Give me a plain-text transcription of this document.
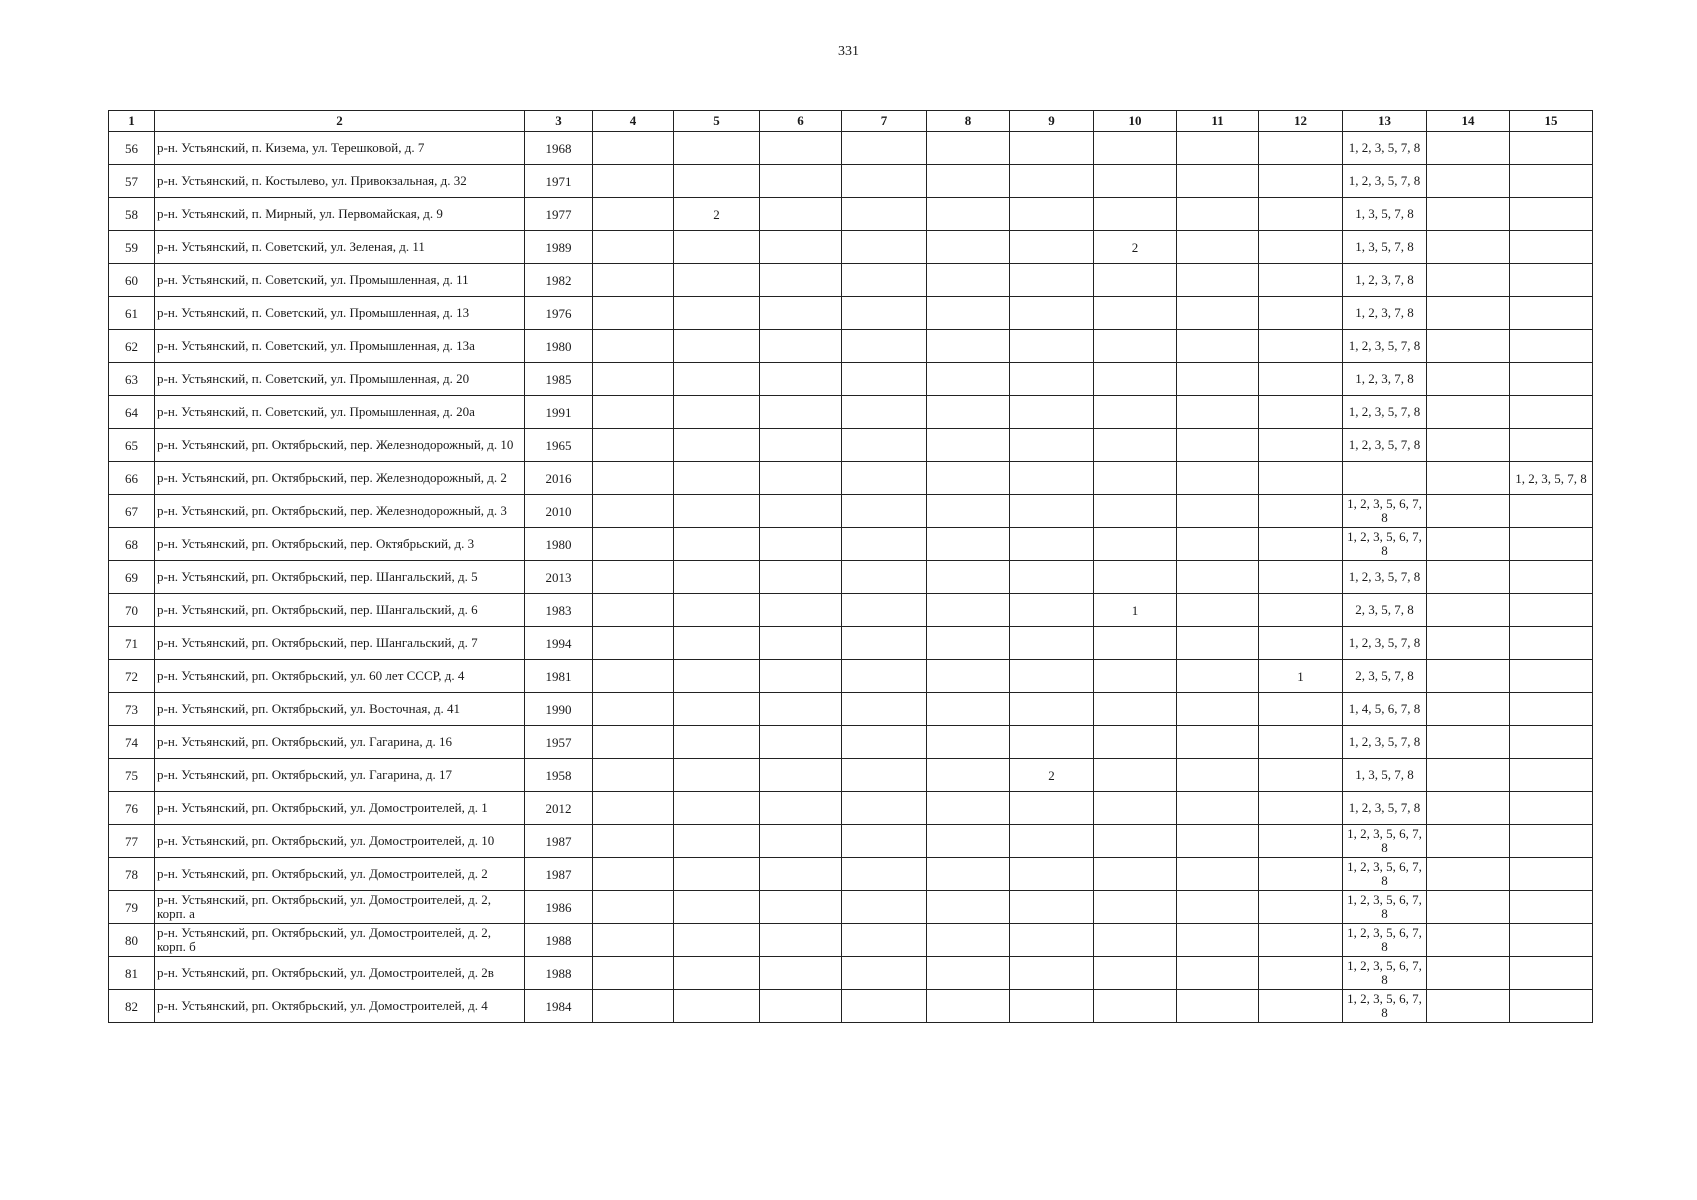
331
1	2	3	4	5	6	7	8	9	10	11	12	13	14	15
56	р-н. Устьянский, п. Кизема, ул. Терешковой, д. 7	1968										1, 2, 3, 5, 7, 8		
57	р-н. Устьянский, п. Костылево, ул. Привокзальная, д. 32	1971										1, 2, 3, 5, 7, 8		
58	р-н. Устьянский, п. Мирный, ул. Первомайская, д. 9	1977		2								1, 3, 5, 7, 8		
59	р-н. Устьянский, п. Советский, ул. Зеленая, д. 11	1989							2			1, 3, 5, 7, 8		
60	р-н. Устьянский, п. Советский, ул. Промышленная, д. 11	1982										1, 2, 3, 7, 8		
61	р-н. Устьянский, п. Советский, ул. Промышленная, д. 13	1976										1, 2, 3, 7, 8		
62	р-н. Устьянский, п. Советский, ул. Промышленная, д. 13а	1980										1, 2, 3, 5, 7, 8		
63	р-н. Устьянский, п. Советский, ул. Промышленная, д. 20	1985										1, 2, 3, 7, 8		
64	р-н. Устьянский, п. Советский, ул. Промышленная, д. 20а	1991										1, 2, 3, 5, 7, 8		
65	р-н. Устьянский, рп. Октябрьский, пер. Железнодорожный, д. 10	1965										1, 2, 3, 5, 7, 8		
66	р-н. Устьянский, рп. Октябрьский, пер. Железнодорожный, д. 2	2016												1, 2, 3, 5, 7, 8
67	р-н. Устьянский, рп. Октябрьский, пер. Железнодорожный, д. 3	2010										1, 2, 3, 5, 6, 7, 8		
68	р-н. Устьянский, рп. Октябрьский, пер. Октябрьский, д. 3	1980										1, 2, 3, 5, 6, 7, 8		
69	р-н. Устьянский, рп. Октябрьский, пер. Шангальский, д. 5	2013										1, 2, 3, 5, 7, 8		
70	р-н. Устьянский, рп. Октябрьский, пер. Шангальский, д. 6	1983							1			2, 3, 5, 7, 8		
71	р-н. Устьянский, рп. Октябрьский, пер. Шангальский, д. 7	1994										1, 2, 3, 5, 7, 8		
72	р-н. Устьянский, рп. Октябрьский, ул. 60 лет СССР, д. 4	1981									1	2, 3, 5, 7, 8		
73	р-н. Устьянский, рп. Октябрьский, ул. Восточная, д. 41	1990										1, 4, 5, 6, 7, 8		
74	р-н. Устьянский, рп. Октябрьский, ул. Гагарина, д. 16	1957										1, 2, 3, 5, 7, 8		
75	р-н. Устьянский, рп. Октябрьский, ул. Гагарина, д. 17	1958						2				1, 3, 5, 7, 8		
76	р-н. Устьянский, рп. Октябрьский, ул. Домостроителей, д. 1	2012										1, 2, 3, 5, 7, 8		
77	р-н. Устьянский, рп. Октябрьский, ул. Домостроителей, д. 10	1987										1, 2, 3, 5, 6, 7, 8		
78	р-н. Устьянский, рп. Октябрьский, ул. Домостроителей, д. 2	1987										1, 2, 3, 5, 6, 7, 8		
79	р-н. Устьянский, рп. Октябрьский, ул. Домостроителей, д. 2, корп. а	1986										1, 2, 3, 5, 6, 7, 8		
80	р-н. Устьянский, рп. Октябрьский, ул. Домостроителей, д. 2, корп. б	1988										1, 2, 3, 5, 6, 7, 8		
81	р-н. Устьянский, рп. Октябрьский, ул. Домостроителей, д. 2в	1988										1, 2, 3, 5, 6, 7, 8		
82	р-н. Устьянский, рп. Октябрьский, ул. Домостроителей, д. 4	1984										1, 2, 3, 5, 6, 7, 8		
